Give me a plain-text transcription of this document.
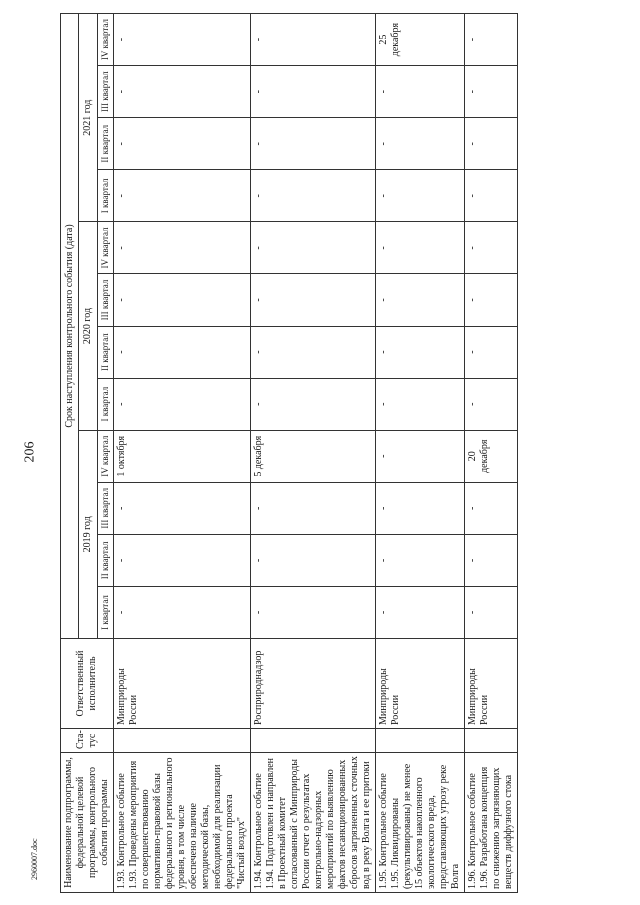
206
2960007.doc Наименование подпрограммы, федеральной целевой программы, контрольного события программы	Ста-тус	Ответственный исполнитель	Срок наступления контрольного события (дата)											
			2019 год				2020 год				2021 год			
			I квартал	II квартал	III квартал	IV квартал	I квартал	II квартал	III квартал	IV квартал	I квартал	II квартал	III квартал	IV квартал
1.93. Контрольное событие 1.93. Проведены мероприятия по совершенствованию нормативно-правовой базы федерального и регионального уровня, в том числе обеспечено наличие методической базы, необходимой для реализации федерального проекта "Чистый воздух"		Минприроды России	-	-	-	1 октября	-	-	-	-	-	-	-	-
1.94. Контрольное событие 1.94. Подготовлен и направлен в Проектный комитет согласованный с Минприроды России отчет о результатах контрольно-надзорных мероприятий по выявлению фактов несанкционированных сбросов загрязненных сточных вод в реку Волга и ее притоки		Росприроднадзор	-	-	-	5 декабря	-	-	-	-	-	-	-	-
1.95. Контрольное событие 1.95. Ликвидированы (рекультивированы) не менее 15 объектов накопленного экологического вреда, представляющих угрозу реке Волга		Минприроды России	-	-	-	-	-	-	-	-	-	-	-	25 декабря
1.96. Контрольное событие 1.96. Разработана концепция по снижению загрязняющих веществ диффузного стока		Минприроды России	-	-	-	20 декабря	-	-	-	-	-	-	-	-
